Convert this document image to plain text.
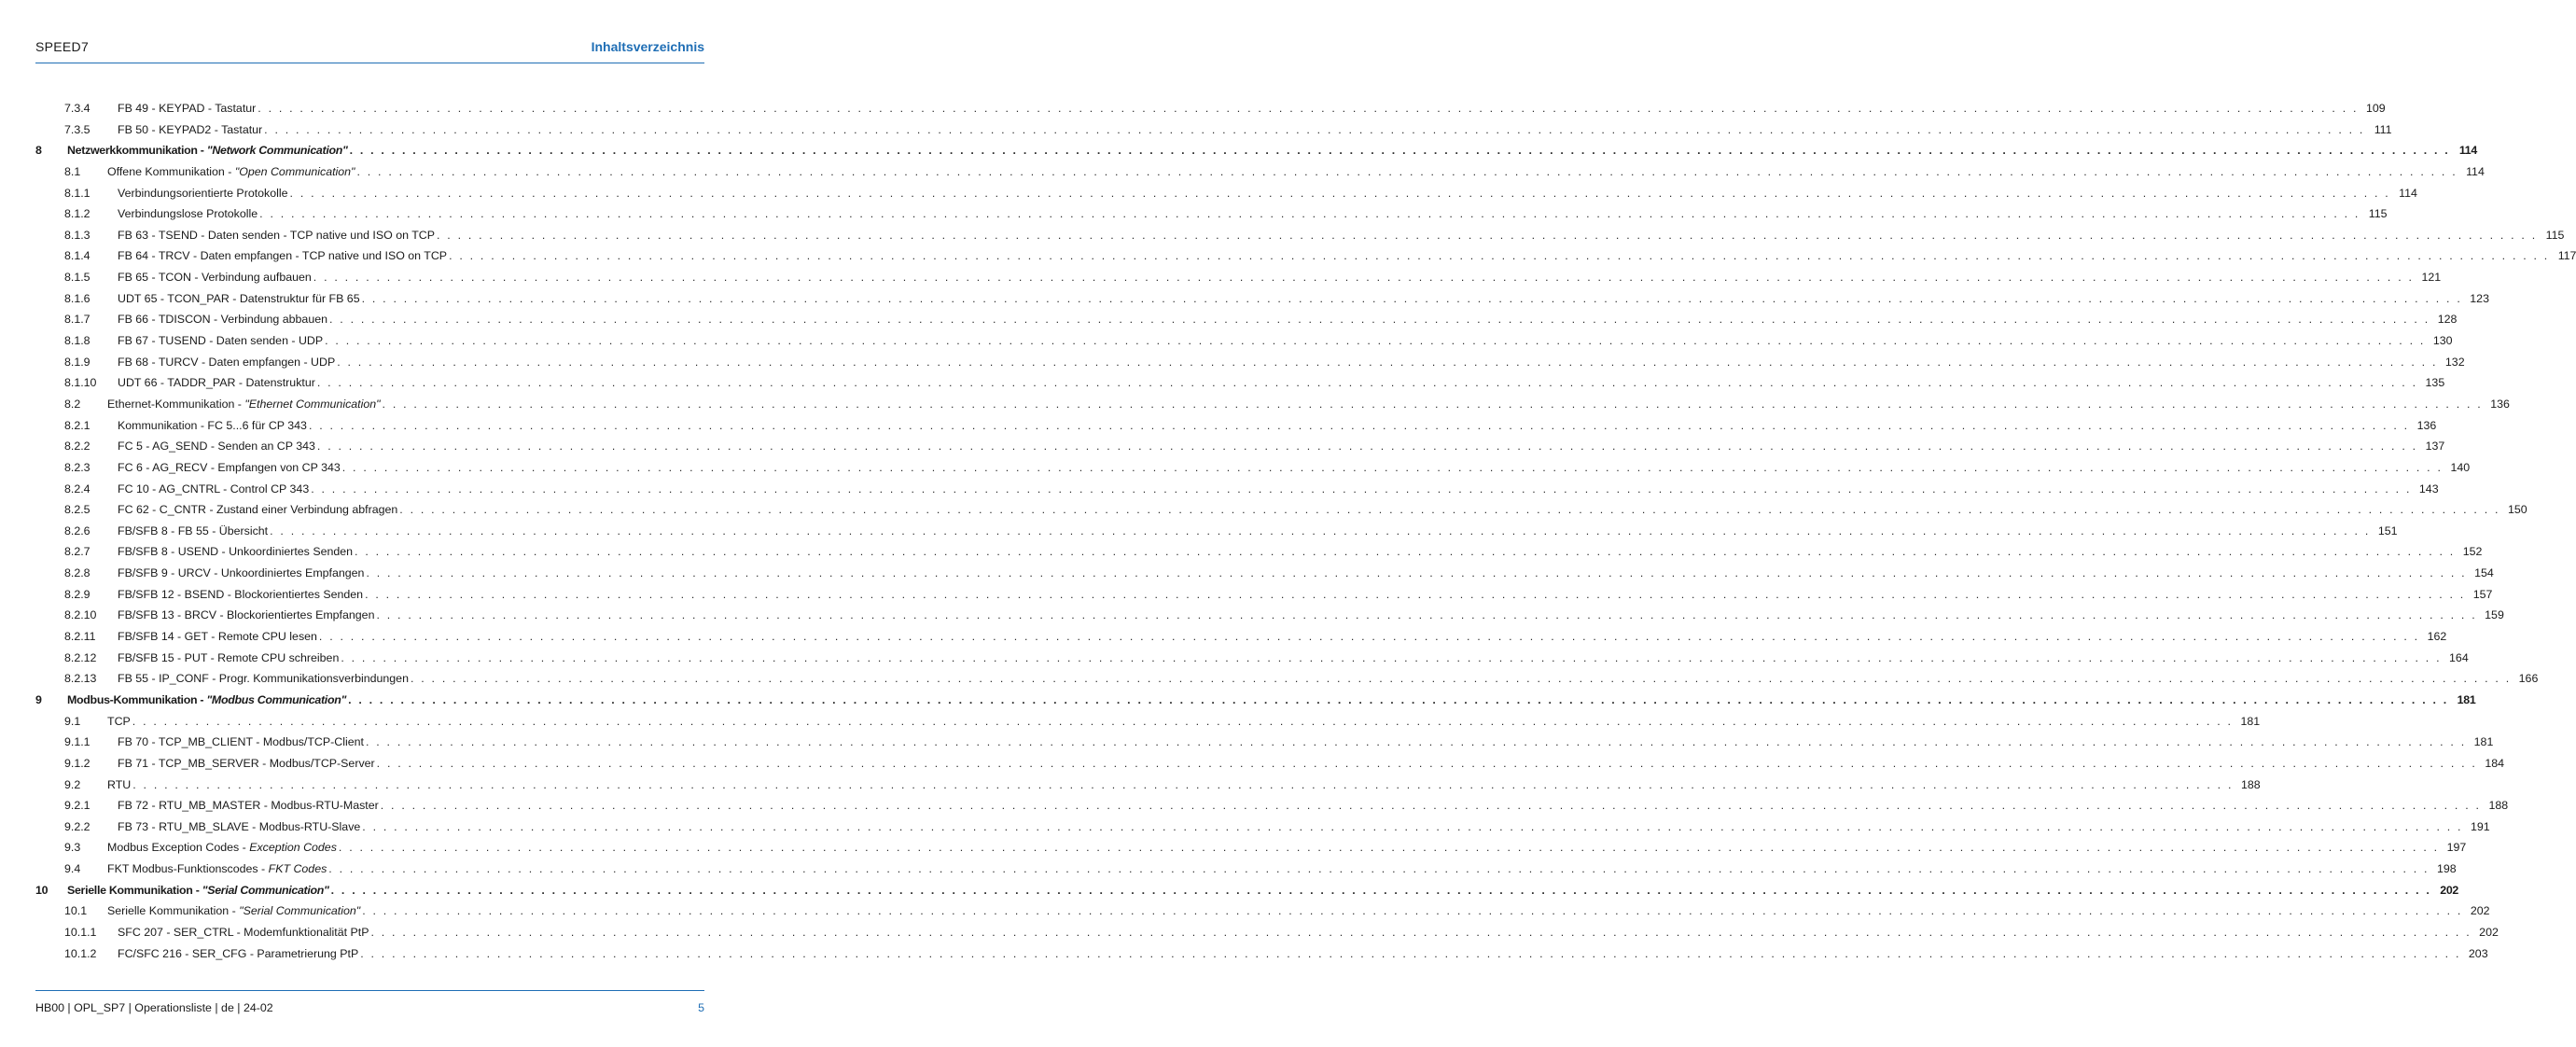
SPEED7	Inhaltsverzeichnis
7.3.4 FB 49 - KEYPAD - Tastatur . . . . . . . . . . . . . . . . . . . . . . . . . . . . . . . . . . . . . . . . . . . . . . . . . . . . . . . . . . . . . . . . . . . . . . . . . . . . . . . . . . . . . . . . . . . . . . . . . . . . . . . . . . . . . . . . . . . . . . . . . . . . . . . . . . . . . . . . . . . . . . . . . . . . . . . . . . . . . . . . . . . . . . . . . . . . . . . . . . . . . . . . . . . . . . . . . . . . . . . . 109
7.3.5 FB 50 - KEYPAD2 - Tastatur . . . . . . . . . . . . . . . . . . . . . . . . . . . . . . . . . . . . . . . . . . . . . . . . . . . . . . . . . . . . . . . . . . . . . . . . . . . . . . . . . . . . . . . . . . . . . . . . . . . . . . . . . . . . . . . . . . . . . . . . . . . . . . . . . . . . . . . . . . . . . . . . . . . . . . . . . . . . . . . . . . . . . . . . . . . . . . . . . . . . . . . . . . . . . . . . . . . . . . . . 111
8 Netzwerkkommunikation - "Network Communication" . . . . . . . . . . . . . . . . . . . . . . . . . . . . . . . . . . . . . . . . . . . . . . . . . . . . . . . . . . . . . . . . . . . . . . . . . . . . . . . . . . . . . . . . . . . . . . . . . . . . . . . . . . . . . . . . . . . . . . . . . . . . . . . . . . . . . . . . . . . . . . . . . . . . . . . . . . . . . . . . . . . . . . . . . . . . . . . . . . . . . . . . . . . . . . . . . . . . . . . . 114
8.1 Offene Kommunikation - "Open Communication" . . . . . . . . . . . . . . . . . . . . . . . . . . . . . . . . . . . . . . . . . . . . . . . . . . . . . . . . . . . . . . . . . . . . . . . . . . . . . . . . . . . . . . . . . . . . . . . . . . . . . . . . . . . . . . . . . . . . . . . . . . . . . . . . . . . . . . . . . . . . . . . . . . . . . . . . . . . . . . . . . . . . . . . . . . . . . . . . . . . . . . . . . . . . . . . . . . . . . . . . 114
8.1.1 Verbindungsorientierte Protokolle . . . . . . . . . . . . . . . . . . . . . . . . . . . . . . . . . . . . . . . . . . . . . . . . . . . . . . . . . . . . . . . . . . . . . . . . . . . . . . . . . . . . . . . . . . . . . . . . . . . . . . . . . . . . . . . . . . . . . . . . . . . . . . . . . . . . . . . . . . . . . . . . . . . . . . . . . . . . . . . . . . . . . . . . . . . . . . . . . . . . . . . . . . . . . . . . . . . . . . . . 114
8.1.2 Verbindungslose Protokolle . . . . . . . . . . . . . . . . . . . . . . . . . . . . . . . . . . . . . . . . . . . . . . . . . . . . . . . . . . . . . . . . . . . . . . . . . . . . . . . . . . . . . . . . . . . . . . . . . . . . . . . . . . . . . . . . . . . . . . . . . . . . . . . . . . . . . . . . . . . . . . . . . . . . . . . . . . . . . . . . . . . . . . . . . . . . . . . . . . . . . . . . . . . . . . . . . . . . . . . . 115
8.1.3 FB 63 - TSEND - Daten senden - TCP native und ISO on TCP . . . . . . . . . . . . . . . . . . . . . . . . . . . . . . . . . . . . . . . . . . . . . . . . . . . . . . . . . . . . . . . . . . . . . . . . . . . . . . . . . . . . . . . . . . . . . . . . . . . . . . . . . . . . . . . . . . . . . . . . . . . . . . . . . . . . . . . . . . . . . . . . . . . . . . . . . . . . . . . . . . . . . . . . . . . . . . . . . . . . . . . . . . . . . . . . . . . . . . . . 115
8.1.4 FB 64 - TRCV - Daten empfangen - TCP native und ISO on TCP . . . . . . . . . . . . . . . . . . . . . . . . . . . . . . . . . . . . . . . . . . . . . . . . . . . . . . . . . . . . . . . . . . . . . . . . . . . . . . . . . . . . . . . . . . . . . . . . . . . . . . . . . . . . . . . . . . . . . . . . . . . . . . . . . . . . . . . . . . . . . . . . . . . . . . . . . . . . . . . . . . . . . . . . . . . . . . . . . . . . . . . . . . . . . . . . . . . . . . . . 117
8.1.5 FB 65 - TCON - Verbindung aufbauen . . . . . . . . . . . . . . . . . . . . . . . . . . . . . . . . . . . . . . . . . . . . . . . . . . . . . . . . . . . . . . . . . . . . . . . . . . . . . . . . . . . . . . . . . . . . . . . . . . . . . . . . . . . . . . . . . . . . . . . . . . . . . . . . . . . . . . . . . . . . . . . . . . . . . . . . . . . . . . . . . . . . . . . . . . . . . . . . . . . . . . . . . . . . . . . . . . . . . . . . 121
8.1.6 UDT 65 - TCON_PAR - Datenstruktur für FB 65 . . . . . . . . . . . . . . . . . . . . . . . . . . . . . . . . . . . . . . . . . . . . . . . . . . . . . . . . . . . . . . . . . . . . . . . . . . . . . . . . . . . . . . . . . . . . . . . . . . . . . . . . . . . . . . . . . . . . . . . . . . . . . . . . . . . . . . . . . . . . . . . . . . . . . . . . . . . . . . . . . . . . . . . . . . . . . . . . . . . . . . . . . . . . . . . . . . . . . . . . 123
8.1.7 FB 66 - TDISCON - Verbindung abbauen . . . . . . . . . . . . . . . . . . . . . . . . . . . . . . . . . . . . . . . . . . . . . . . . . . . . . . . . . . . . . . . . . . . . . . . . . . . . . . . . . . . . . . . . . . . . . . . . . . . . . . . . . . . . . . . . . . . . . . . . . . . . . . . . . . . . . . . . . . . . . . . . . . . . . . . . . . . . . . . . . . . . . . . . . . . . . . . . . . . . . . . . . . . . . . . . . . . . . . . . 128
8.1.8 FB 67 - TUSEND - Daten senden - UDP . . . . . . . . . . . . . . . . . . . . . . . . . . . . . . . . . . . . . . . . . . . . . . . . . . . . . . . . . . . . . . . . . . . . . . . . . . . . . . . . . . . . . . . . . . . . . . . . . . . . . . . . . . . . . . . . . . . . . . . . . . . . . . . . . . . . . . . . . . . . . . . . . . . . . . . . . . . . . . . . . . . . . . . . . . . . . . . . . . . . . . . . . . . . . . . . . . . . . . . . 130
8.1.9 FB 68 - TURCV - Daten empfangen - UDP . . . . . . . . . . . . . . . . . . . . . . . . . . . . . . . . . . . . . . . . . . . . . . . . . . . . . . . . . . . . . . . . . . . . . . . . . . . . . . . . . . . . . . . . . . . . . . . . . . . . . . . . . . . . . . . . . . . . . . . . . . . . . . . . . . . . . . . . . . . . . . . . . . . . . . . . . . . . . . . . . . . . . . . . . . . . . . . . . . . . . . . . . . . . . . . . . . . . . . . . 132
8.1.10 UDT 66 - TADDR_PAR - Datenstruktur . . . . . . . . . . . . . . . . . . . . . . . . . . . . . . . . . . . . . . . . . . . . . . . . . . . . . . . . . . . . . . . . . . . . . . . . . . . . . . . . . . . . . . . . . . . . . . . . . . . . . . . . . . . . . . . . . . . . . . . . . . . . . . . . . . . . . . . . . . . . . . . . . . . . . . . . . . . . . . . . . . . . . . . . . . . . . . . . . . . . . . . . . . . . . . . . . . . . . . . . 135
8.2 Ethernet-Kommunikation - "Ethernet Communication" . . . . . . . . . . . . . . . . . . . . . . . . . . . . . . . . . . . . . . . . . . . . . . . . . . . . . . . . . . . . . . . . . . . . . . . . . . . . . . . . . . . . . . . . . . . . . . . . . . . . . . . . . . . . . . . . . . . . . . . . . . . . . . . . . . . . . . . . . . . . . . . . . . . . . . . . . . . . . . . . . . . . . . . . . . . . . . . . . . . . . . . . . . . . . . . . . . . . . . . . 136
8.2.1 Kommunikation - FC 5...6 für CP 343 . . . . . . . . . . . . . . . . . . . . . . . . . . . . . . . . . . . . . . . . . . . . . . . . . . . . . . . . . . . . . . . . . . . . . . . . . . . . . . . . . . . . . . . . . . . . . . . . . . . . . . . . . . . . . . . . . . . . . . . . . . . . . . . . . . . . . . . . . . . . . . . . . . . . . . . . . . . . . . . . . . . . . . . . . . . . . . . . . . . . . . . . . . . . . . . . . . . . . . . . 136
8.2.2 FC 5 - AG_SEND - Senden an CP 343 . . . . . . . . . . . . . . . . . . . . . . . . . . . . . . . . . . . . . . . . . . . . . . . . . . . . . . . . . . . . . . . . . . . . . . . . . . . . . . . . . . . . . . . . . . . . . . . . . . . . . . . . . . . . . . . . . . . . . . . . . . . . . . . . . . . . . . . . . . . . . . . . . . . . . . . . . . . . . . . . . . . . . . . . . . . . . . . . . . . . . . . . . . . . . . . . . . . . . . . . 137
8.2.3 FC 6 - AG_RECV - Empfangen von CP 343 . . . . . . . . . . . . . . . . . . . . . . . . . . . . . . . . . . . . . . . . . . . . . . . . . . . . . . . . . . . . . . . . . . . . . . . . . . . . . . . . . . . . . . . . . . . . . . . . . . . . . . . . . . . . . . . . . . . . . . . . . . . . . . . . . . . . . . . . . . . . . . . . . . . . . . . . . . . . . . . . . . . . . . . . . . . . . . . . . . . . . . . . . . . . . . . . . . . . . . . . 140
8.2.4 FC 10 - AG_CNTRL - Control CP 343 . . . . . . . . . . . . . . . . . . . . . . . . . . . . . . . . . . . . . . . . . . . . . . . . . . . . . . . . . . . . . . . . . . . . . . . . . . . . . . . . . . . . . . . . . . . . . . . . . . . . . . . . . . . . . . . . . . . . . . . . . . . . . . . . . . . . . . . . . . . . . . . . . . . . . . . . . . . . . . . . . . . . . . . . . . . . . . . . . . . . . . . . . . . . . . . . . . . . . . . . 143
8.2.5 FC 62 - C_CNTR - Zustand einer Verbindung abfragen . . . . . . . . . . . . . . . . . . . . . . . . . . . . . . . . . . . . . . . . . . . . . . . . . . . . . . . . . . . . . . . . . . . . . . . . . . . . . . . . . . . . . . . . . . . . . . . . . . . . . . . . . . . . . . . . . . . . . . . . . . . . . . . . . . . . . . . . . . . . . . . . . . . . . . . . . . . . . . . . . . . . . . . . . . . . . . . . . . . . . . . . . . . . . . . . . . . . . . . . 150
8.2.6 FB/SFB 8 - FB 55 - Übersicht . . . . . . . . . . . . . . . . . . . . . . . . . . . . . . . . . . . . . . . . . . . . . . . . . . . . . . . . . . . . . . . . . . . . . . . . . . . . . . . . . . . . . . . . . . . . . . . . . . . . . . . . . . . . . . . . . . . . . . . . . . . . . . . . . . . . . . . . . . . . . . . . . . . . . . . . . . . . . . . . . . . . . . . . . . . . . . . . . . . . . . . . . . . . . . . . . . . . . . . . 151
8.2.7 FB/SFB 8 - USEND - Unkoordiniertes Senden . . . . . . . . . . . . . . . . . . . . . . . . . . . . . . . . . . . . . . . . . . . . . . . . . . . . . . . . . . . . . . . . . . . . . . . . . . . . . . . . . . . . . . . . . . . . . . . . . . . . . . . . . . . . . . . . . . . . . . . . . . . . . . . . . . . . . . . . . . . . . . . . . . . . . . . . . . . . . . . . . . . . . . . . . . . . . . . . . . . . . . . . . . . . . . . . . . . . . . . . 152
8.2.8 FB/SFB 9 - URCV - Unkoordiniertes Empfangen . . . . . . . . . . . . . . . . . . . . . . . . . . . . . . . . . . . . . . . . . . . . . . . . . . . . . . . . . . . . . . . . . . . . . . . . . . . . . . . . . . . . . . . . . . . . . . . . . . . . . . . . . . . . . . . . . . . . . . . . . . . . . . . . . . . . . . . . . . . . . . . . . . . . . . . . . . . . . . . . . . . . . . . . . . . . . . . . . . . . . . . . . . . . . . . . . . . . . . . . 154
8.2.9 FB/SFB 12 - BSEND - Blockorientiertes Senden . . . . . . . . . . . . . . . . . . . . . . . . . . . . . . . . . . . . . . . . . . . . . . . . . . . . . . . . . . . . . . . . . . . . . . . . . . . . . . . . . . . . . . . . . . . . . . . . . . . . . . . . . . . . . . . . . . . . . . . . . . . . . . . . . . . . . . . . . . . . . . . . . . . . . . . . . . . . . . . . . . . . . . . . . . . . . . . . . . . . . . . . . . . . . . . . . . . . . . . . 157
8.2.10 FB/SFB 13 - BRCV - Blockorientiertes Empfangen . . . . . . . . . . . . . . . . . . . . . . . . . . . . . . . . . . . . . . . . . . . . . . . . . . . . . . . . . . . . . . . . . . . . . . . . . . . . . . . . . . . . . . . . . . . . . . . . . . . . . . . . . . . . . . . . . . . . . . . . . . . . . . . . . . . . . . . . . . . . . . . . . . . . . . . . . . . . . . . . . . . . . . . . . . . . . . . . . . . . . . . . . . . . . . . . . . . . . . . . 159
8.2.11 FB/SFB 14 - GET - Remote CPU lesen . . . . . . . . . . . . . . . . . . . . . . . . . . . . . . . . . . . . . . . . . . . . . . . . . . . . . . . . . . . . . . . . . . . . . . . . . . . . . . . . . . . . . . . . . . . . . . . . . . . . . . . . . . . . . . . . . . . . . . . . . . . . . . . . . . . . . . . . . . . . . . . . . . . . . . . . . . . . . . . . . . . . . . . . . . . . . . . . . . . . . . . . . . . . . . . . . . . . . . . . 162
8.2.12 FB/SFB 15 - PUT - Remote CPU schreiben . . . . . . . . . . . . . . . . . . . . . . . . . . . . . . . . . . . . . . . . . . . . . . . . . . . . . . . . . . . . . . . . . . . . . . . . . . . . . . . . . . . . . . . . . . . . . . . . . . . . . . . . . . . . . . . . . . . . . . . . . . . . . . . . . . . . . . . . . . . . . . . . . . . . . . . . . . . . . . . . . . . . . . . . . . . . . . . . . . . . . . . . . . . . . . . . . . . . . . . . 164
8.2.13 FB 55 - IP_CONF - Progr. Kommunikationsverbindungen . . . . . . . . . . . . . . . . . . . . . . . . . . . . . . . . . . . . . . . . . . . . . . . . . . . . . . . . . . . . . . . . . . . . . . . . . . . . . . . . . . . . . . . . . . . . . . . . . . . . . . . . . . . . . . . . . . . . . . . . . . . . . . . . . . . . . . . . . . . . . . . . . . . . . . . . . . . . . . . . . . . . . . . . . . . . . . . . . . . . . . . . . . . . . . . . . . . . . . . . 166
9 Modbus-Kommunikation - "Modbus Communication" . . . . . . . . . . . . . . . . . . . . . . . . . . . . . . . . . . . . . . . . . . . . . . . . . . . . . . . . . . . . . . . . . . . . . . . . . . . . . . . . . . . . . . . . . . . . . . . . . . . . . . . . . . . . . . . . . . . . . . . . . . . . . . . . . . . . . . . . . . . . . . . . . . . . . . . . . . . . . . . . . . . . . . . . . . . . . . . . . . . . . . . . . . . . . . . . . . . . . . . . 181
9.1 TCP . . . . . . . . . . . . . . . . . . . . . . . . . . . . . . . . . . . . . . . . . . . . . . . . . . . . . . . . . . . . . . . . . . . . . . . . . . . . . . . . . . . . . . . . . . . . . . . . . . . . . . . . . . . . . . . . . . . . . . . . . . . . . . . . . . . . . . . . . . . . . . . . . . . . . . . . . . . . . . . . . . . . . . . . . . . . . . . . . . . . . . . . . . . . . . . . . . . . . . . . 181
9.1.1 FB 70 - TCP_MB_CLIENT - Modbus/TCP-Client . . . . . . . . . . . . . . . . . . . . . . . . . . . . . . . . . . . . . . . . . . . . . . . . . . . . . . . . . . . . . . . . . . . . . . . . . . . . . . . . . . . . . . . . . . . . . . . . . . . . . . . . . . . . . . . . . . . . . . . . . . . . . . . . . . . . . . . . . . . . . . . . . . . . . . . . . . . . . . . . . . . . . . . . . . . . . . . . . . . . . . . . . . . . . . . . . . . . . . . . 181
9.1.2 FB 71 - TCP_MB_SERVER - Modbus/TCP-Server . . . . . . . . . . . . . . . . . . . . . . . . . . . . . . . . . . . . . . . . . . . . . . . . . . . . . . . . . . . . . . . . . . . . . . . . . . . . . . . . . . . . . . . . . . . . . . . . . . . . . . . . . . . . . . . . . . . . . . . . . . . . . . . . . . . . . . . . . . . . . . . . . . . . . . . . . . . . . . . . . . . . . . . . . . . . . . . . . . . . . . . . . . . . . . . . . . . . . . . . 184
9.2 RTU . . . . . . . . . . . . . . . . . . . . . . . . . . . . . . . . . . . . . . . . . . . . . . . . . . . . . . . . . . . . . . . . . . . . . . . . . . . . . . . . . . . . . . . . . . . . . . . . . . . . . . . . . . . . . . . . . . . . . . . . . . . . . . . . . . . . . . . . . . . . . . . . . . . . . . . . . . . . . . . . . . . . . . . . . . . . . . . . . . . . . . . . . . . . . . . . . . . . . . . . 188
9.2.1 FB 72 - RTU_MB_MASTER - Modbus-RTU-Master . . . . . . . . . . . . . . . . . . . . . . . . . . . . . . . . . . . . . . . . . . . . . . . . . . . . . . . . . . . . . . . . . . . . . . . . . . . . . . . . . . . . . . . . . . . . . . . . . . . . . . . . . . . . . . . . . . . . . . . . . . . . . . . . . . . . . . . . . . . . . . . . . . . . . . . . . . . . . . . . . . . . . . . . . . . . . . . . . . . . . . . . . . . . . . . . . . . . . . . . 188
9.2.2 FB 73 - RTU_MB_SLAVE - Modbus-RTU-Slave . . . . . . . . . . . . . . . . . . . . . . . . . . . . . . . . . . . . . . . . . . . . . . . . . . . . . . . . . . . . . . . . . . . . . . . . . . . . . . . . . . . . . . . . . . . . . . . . . . . . . . . . . . . . . . . . . . . . . . . . . . . . . . . . . . . . . . . . . . . . . . . . . . . . . . . . . . . . . . . . . . . . . . . . . . . . . . . . . . . . . . . . . . . . . . . . . . . . . . . . 191
9.3 Modbus Exception Codes - Exception Codes . . . . . . . . . . . . . . . . . . . . . . . . . . . . . . . . . . . . . . . . . . . . . . . . . . . . . . . . . . . . . . . . . . . . . . . . . . . . . . . . . . . . . . . . . . . . . . . . . . . . . . . . . . . . . . . . . . . . . . . . . . . . . . . . . . . . . . . . . . . . . . . . . . . . . . . . . . . . . . . . . . . . . . . . . . . . . . . . . . . . . . . . . . . . . . . . . . . . . . . . 197
9.4 FKT Modbus-Funktionscodes - FKT Codes . . . . . . . . . . . . . . . . . . . . . . . . . . . . . . . . . . . . . . . . . . . . . . . . . . . . . . . . . . . . . . . . . . . . . . . . . . . . . . . . . . . . . . . . . . . . . . . . . . . . . . . . . . . . . . . . . . . . . . . . . . . . . . . . . . . . . . . . . . . . . . . . . . . . . . . . . . . . . . . . . . . . . . . . . . . . . . . . . . . . . . . . . . . . . . . . . . . . . . . . 198
10 Serielle Kommunikation - "Serial Communication" . . . . . . . . . . . . . . . . . . . . . . . . . . . . . . . . . . . . . . . . . . . . . . . . . . . . . . . . . . . . . . . . . . . . . . . . . . . . . . . . . . . . . . . . . . . . . . . . . . . . . . . . . . . . . . . . . . . . . . . . . . . . . . . . . . . . . . . . . . . . . . . . . . . . . . . . . . . . . . . . . . . . . . . . . . . . . . . . . . . . . . . . . . . . . . . . . . . . . . . . 202
10.1 Serielle Kommunikation - "Serial Communication" . . . . . . . . . . . . . . . . . . . . . . . . . . . . . . . . . . . . . . . . . . . . . . . . . . . . . . . . . . . . . . . . . . . . . . . . . . . . . . . . . . . . . . . . . . . . . . . . . . . . . . . . . . . . . . . . . . . . . . . . . . . . . . . . . . . . . . . . . . . . . . . . . . . . . . . . . . . . . . . . . . . . . . . . . . . . . . . . . . . . . . . . . . . . . . . . . . . . . . . . 202
10.1.1 SFC 207 - SER_CTRL - Modemfunktionalität PtP . . . . . . . . . . . . . . . . . . . . . . . . . . . . . . . . . . . . . . . . . . . . . . . . . . . . . . . . . . . . . . . . . . . . . . . . . . . . . . . . . . . . . . . . . . . . . . . . . . . . . . . . . . . . . . . . . . . . . . . . . . . . . . . . . . . . . . . . . . . . . . . . . . . . . . . . . . . . . . . . . . . . . . . . . . . . . . . . . . . . . . . . . . . . . . . . . . . . . . . . 202
10.1.2 FC/SFC 216 - SER_CFG - Parametrierung PtP . . . . . . . . . . . . . . . . . . . . . . . . . . . . . . . . . . . . . . . . . . . . . . . . . . . . . . . . . . . . . . . . . . . . . . . . . . . . . . . . . . . . . . . . . . . . . . . . . . . . . . . . . . . . . . . . . . . . . . . . . . . . . . . . . . . . . . . . . . . . . . . . . . . . . . . . . . . . . . . . . . . . . . . . . . . . . . . . . . . . . . . . . . . . . . . . . . . . . . . . 203
HB00 | OPL_SP7 | Operationsliste | de | 24-02	5
